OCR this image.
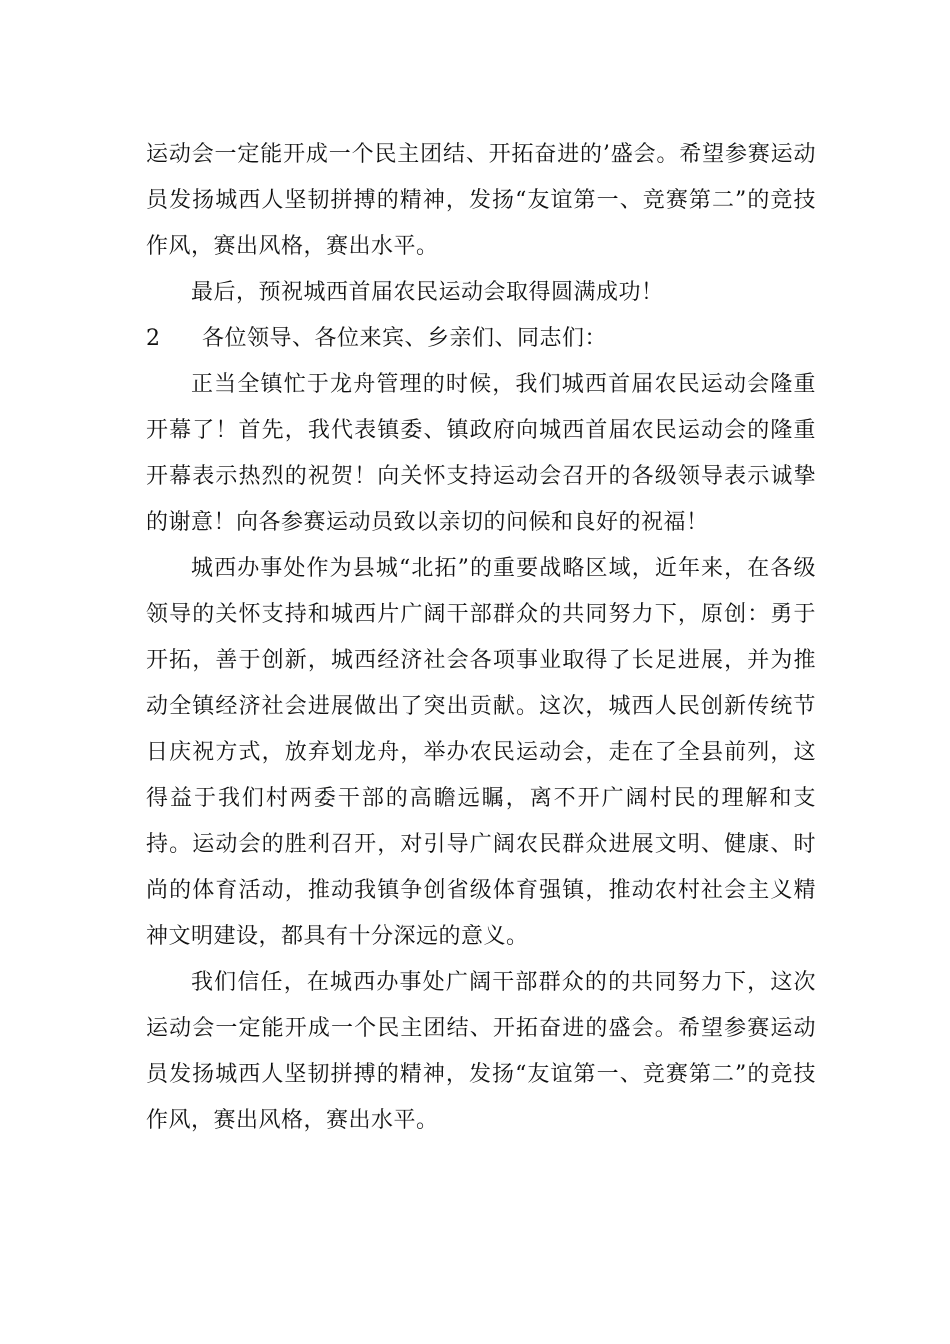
运动会一定能开成一个民主团结、开拓奋进的’盛会。希望参赛运动员发扬城西人坚韧拼搏的精神，发扬“友谊第一、竞赛第二”的竞技作风，赛出风格，赛出水平。

最后，预祝城西首届农民运动会取得圆满成功！

2	各位领导、各位来宾、乡亲们、同志们：

正当全镇忙于龙舟管理的时候，我们城西首届农民运动会隆重开幕了！首先，我代表镇委、镇政府向城西首届农民运动会的隆重开幕表示热烈的祝贺！向关怀支持运动会召开的各级领导表示诚挚的谢意！向各参赛运动员致以亲切的问候和良好的祝福！

城西办事处作为县城“北拓”的重要战略区域，近年来，在各级领导的关怀支持和城西片广阔干部群众的共同努力下，原创：勇于开拓，善于创新，城西经济社会各项事业取得了长足进展，并为推动全镇经济社会进展做出了突出贡献。这次，城西人民创新传统节日庆祝方式，放弃划龙舟，举办农民运动会，走在了全县前列，这得益于我们村两委干部的高瞻远瞩，离不开广阔村民的理解和支持。运动会的胜利召开，对引导广阔农民群众进展文明、健康、时尚的体育活动，推动我镇争创省级体育强镇，推动农村社会主义精神文明建设，都具有十分深远的意义。

我们信任，在城西办事处广阔干部群众的的共同努力下，这次运动会一定能开成一个民主团结、开拓奋进的盛会。希望参赛运动员发扬城西人坚韧拼搏的精神，发扬“友谊第一、竞赛第二”的竞技作风，赛出风格，赛出水平。
